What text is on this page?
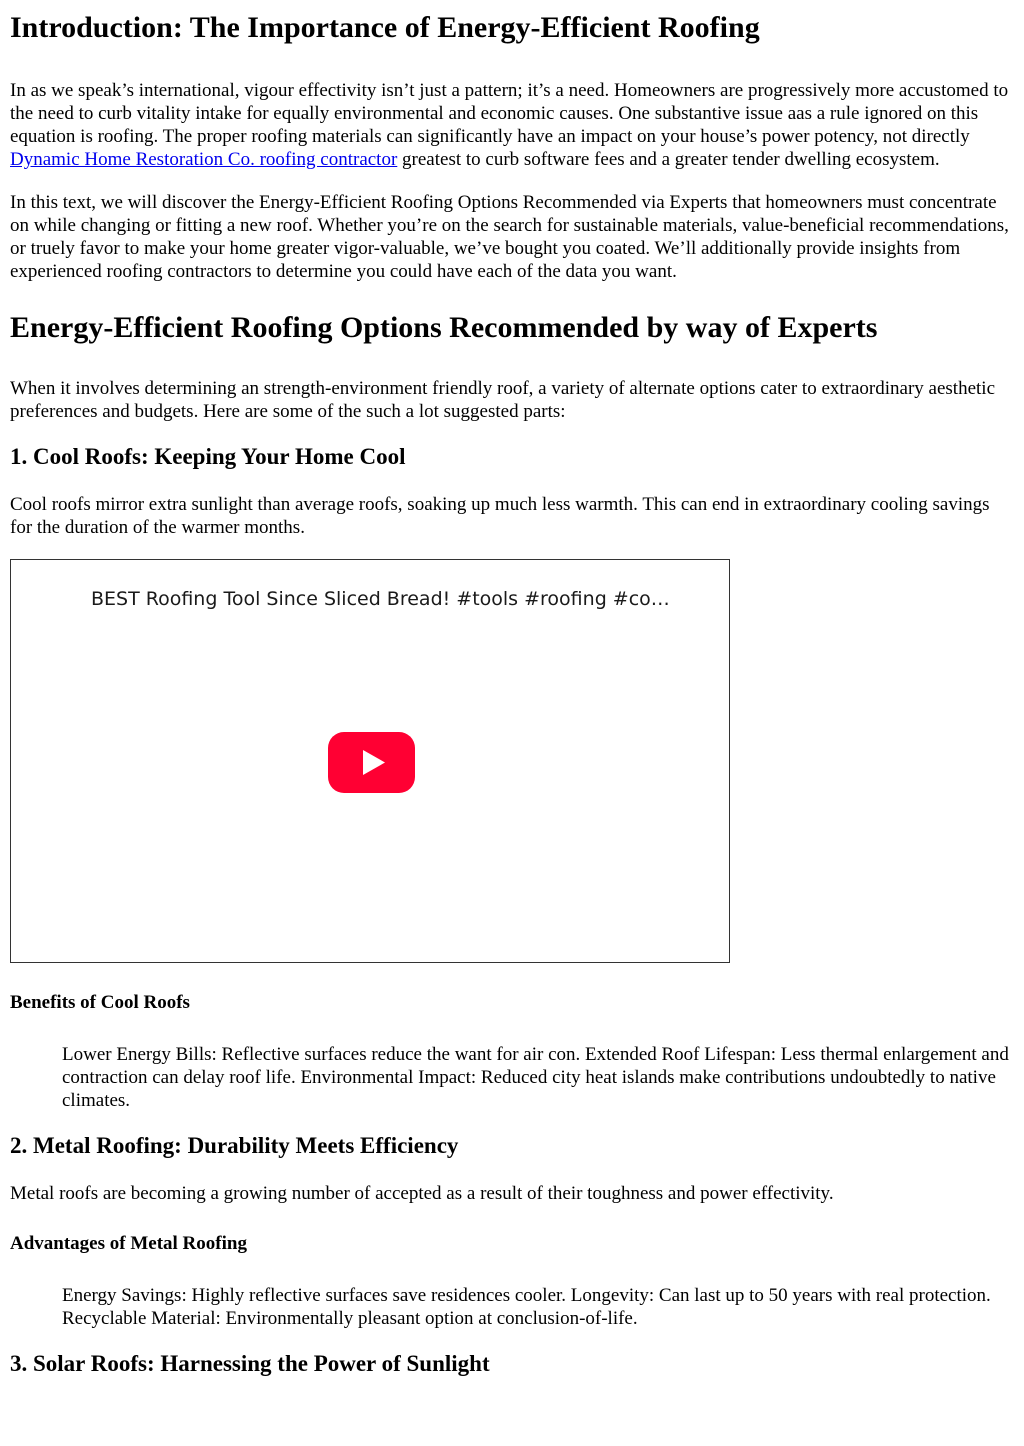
Introduction: The Importance of Energy-Efficient Roofing

In as we speak’s international, vigour effectivity isn’t just a pattern; it’s a need. Homeowners are progressively more accustomed to the need to curb vitality intake for equally environmental and economic causes. One substantive issue aas a rule ignored on this equation is roofing. The proper roofing materials can significantly have an impact on your house’s power potency, not directly Dynamic Home Restoration Co. roofing contractor greatest to curb software fees and a greater tender dwelling ecosystem.

In this text, we will discover the Energy-Efficient Roofing Options Recommended via Experts that homeowners must concentrate on while changing or fitting a new roof. Whether you’re on the search for sustainable materials, value-beneficial recommendations, or truely favor to make your home greater vigor-valuable, we’ve bought you coated. We’ll additionally provide insights from experienced roofing contractors to determine you could have each of the data you want.

Energy-Efficient Roofing Options Recommended by way of Experts

When it involves determining an strength-environment friendly roof, a variety of alternate options cater to extraordinary aesthetic preferences and budgets. Here are some of the such a lot suggested parts:

1. Cool Roofs: Keeping Your Home Cool

Cool roofs mirror extra sunlight than average roofs, soaking up much less warmth. This can end in extraordinary cooling savings for the duration of the warmer months.

BEST Roofing Tool Since Sliced Bread! #tools #roofing #co…
Benefits of Cool Roofs
Lower Energy Bills: Reflective surfaces reduce the want for air con. Extended Roof Lifespan: Less thermal enlargement and contraction can delay roof life. Environmental Impact: Reduced city heat islands make contributions undoubtedly to native climates.
2. Metal Roofing: Durability Meets Efficiency

Metal roofs are becoming a growing number of accepted as a result of their toughness and power effectivity.

Advantages of Metal Roofing
Energy Savings: Highly reflective surfaces save residences cooler. Longevity: Can last up to 50 years with real protection. Recyclable Material: Environmentally pleasant option at conclusion-of-life.
3. Solar Roofs: Harnessing the Power of Sunlight
